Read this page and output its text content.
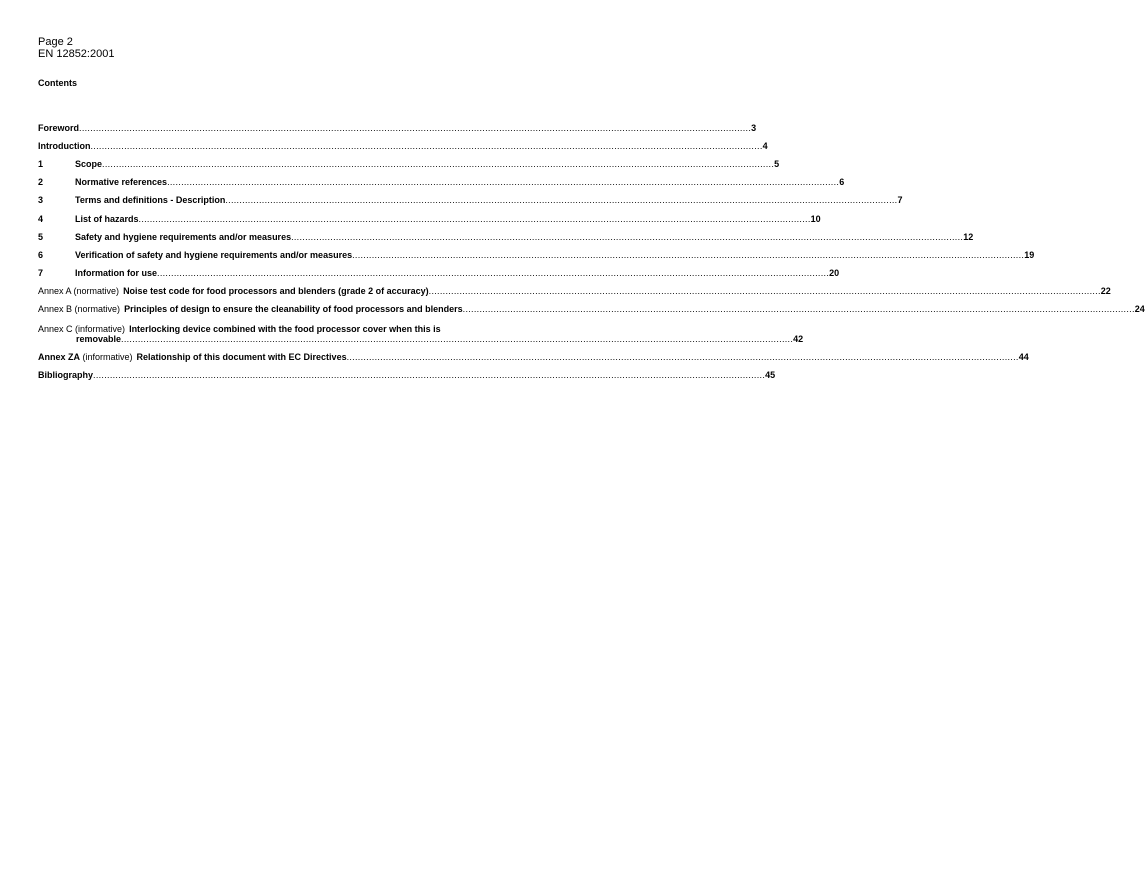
Page 2
EN 12852:2001
Contents
Foreword .....	3
Introduction .....	4
1	Scope .....	5
2	Normative references .....	6
3	Terms and definitions - Description .....	7
4	List of hazards .....	10
5	Safety and hygiene requirements and/or measures .....	12
6	Verification of safety and hygiene requirements and/or measures .....	19
7	Information for use .....	20
Annex A (normative) Noise test code for food processors and blenders (grade 2 of accuracy) .....	22
Annex B (normative) Principles of design to ensure the cleanability of food processors and blenders .....	24
Annex C (informative) Interlocking device combined with the food processor cover when this is
removable .....	42
Annex ZA (informative) Relationship of this document with EC Directives .....	44
Bibliography .....	45
